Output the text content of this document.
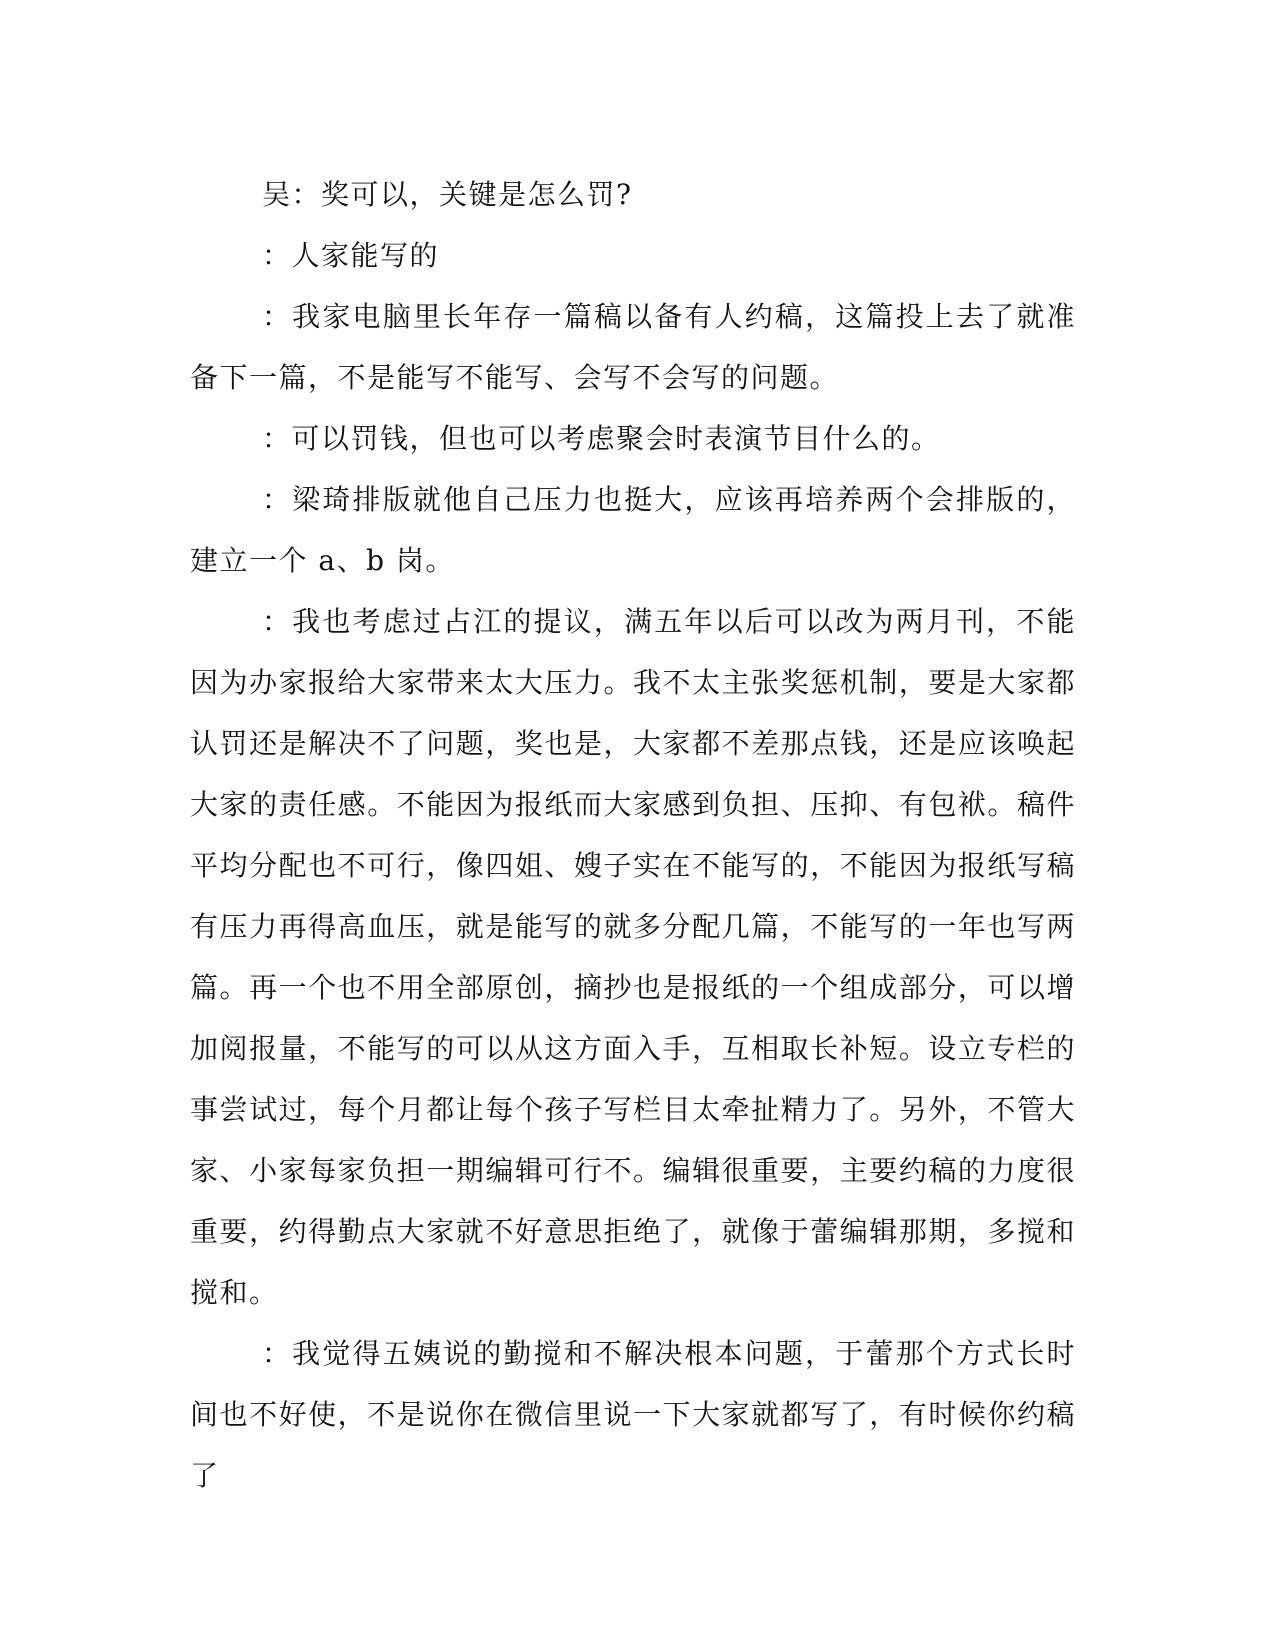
吴：奖可以，关键是怎么罚?

：人家能写的

：我家电脑里长年存一篇稿以备有人约稿，这篇投上去了就准备下一篇，不是能写不能写、会写不会写的问题。

：可以罚钱，但也可以考虑聚会时表演节目什么的。

：梁琦排版就他自己压力也挺大，应该再培养两个会排版的，建立一个 a、b 岗。

：我也考虑过占江的提议，满五年以后可以改为两月刊，不能因为办家报给大家带来太大压力。我不太主张奖惩机制，要是大家都认罚还是解决不了问题，奖也是，大家都不差那点钱，还是应该唤起大家的责任感。不能因为报纸而大家感到负担、压抑、有包袱。稿件平均分配也不可行，像四姐、嫂子实在不能写的，不能因为报纸写稿有压力再得高血压，就是能写的就多分配几篇，不能写的一年也写两篇。再一个也不用全部原创，摘抄也是报纸的一个组成部分，可以增加阅报量，不能写的可以从这方面入手，互相取长补短。设立专栏的事尝试过，每个月都让每个孩子写栏目太牵扯精力了。另外，不管大家、小家每家负担一期编辑可行不。编辑很重要，主要约稿的力度很重要，约得勤点大家就不好意思拒绝了，就像于蕾编辑那期，多搅和搅和。

：我觉得五姨说的勤搅和不解决根本问题，于蕾那个方式长时间也不好使，不是说你在微信里说一下大家就都写了，有时候你约稿了
